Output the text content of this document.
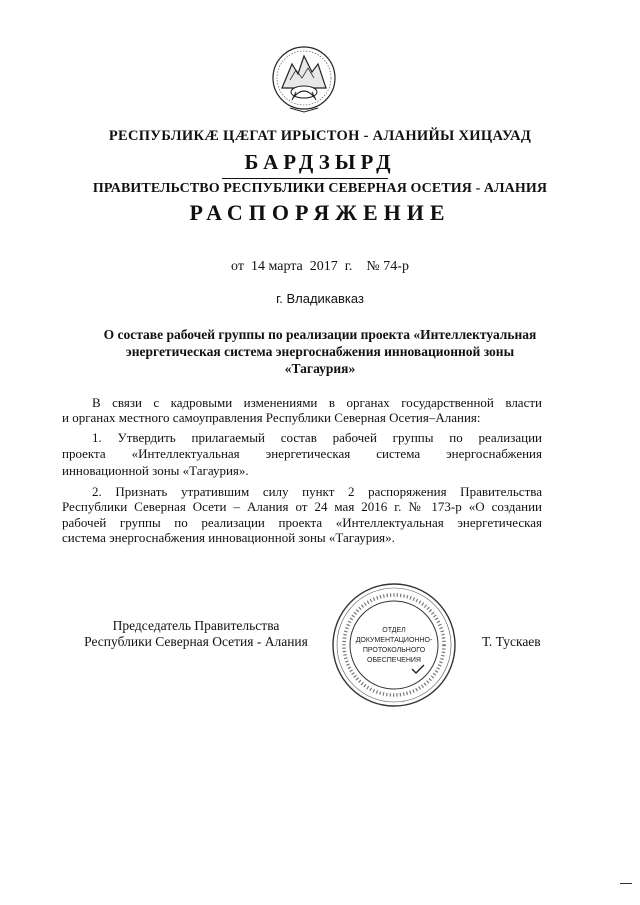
РЕСПУБЛИКӔ ЦӔГАТ ИРЫСТОН - АЛАНИЙЫ ХИЦАУАД
БАРДЗЫРД
ПРАВИТЕЛЬСТВО РЕСПУБЛИКИ СЕВЕРНАЯ ОСЕТИЯ - АЛАНИЯ
РАСПОРЯЖЕНИЕ
от  14 марта  2017  г.    № 74-р
г. Владикавказ
О составе рабочей группы по реализации проекта «Интеллектуальная
энергетическая система энергоснабжения инновационной зоны
«Тагаурия»
В связи с кадровыми изменениями в органах государственной власти
и органах местного самоуправления Республики Северная Осетия–Алания:
1. Утвердить прилагаемый состав рабочей группы по реализации
проекта «Интеллектуальная энергетическая система энергоснабжения
инновационной зоны «Тагаурия».
2. Признать утратившим силу пункт 2 распоряжения Правительства
Республики Северная Осети – Алания от 24 мая 2016 г. № 173-р «О создании
рабочей группы по реализации проекта «Интеллектуальная энергетическая
система энергоснабжения инновационной зоны «Тагаурия».
Председатель Правительства
Республики Северная Осетия - Алания	Т. Тускаев
ОТДЕЛ
ДОКУМЕНТАЦИОННО-
ПРОТОКОЛЬНОГО
ОБЕСПЕЧЕНИЯ
